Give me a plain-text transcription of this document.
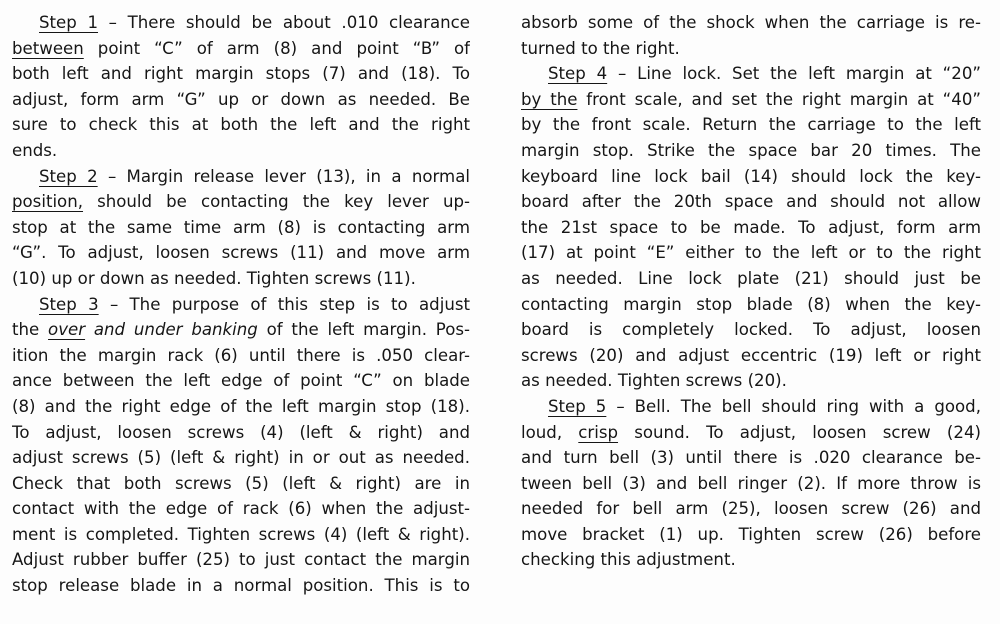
Step 1 – There should be about .010 clearance
between point “C” of arm (8) and point “B” of
both left and right margin stops (7) and (18). To
adjust, form arm “G” up or down as needed. Be
sure to check this at both the left and the right
ends.
Step 2 – Margin release lever (13), in a normal
position, should be contacting the key lever up-
stop at the same time arm (8) is contacting arm
“G”. To adjust, loosen screws (11) and move arm
(10) up or down as needed. Tighten screws (11).
Step 3 – The purpose of this step is to adjust
the over and under banking of the left margin. Pos-
ition the margin rack (6) until there is .050 clear-
ance between the left edge of point “C” on blade
(8) and the right edge of the left margin stop (18).
To adjust, loosen screws (4) (left & right) and
adjust screws (5) (left & right) in or out as needed.
Check that both screws (5) (left & right) are in
contact with the edge of rack (6) when the adjust-
ment is completed. Tighten screws (4) (left & right).
Adjust rubber buffer (25) to just contact the margin
stop release blade in a normal position. This is to
absorb some of the shock when the carriage is re-
turned to the right.
Step 4 – Line lock. Set the left margin at “20”
by the front scale, and set the right margin at “40”
by the front scale. Return the carriage to the left
margin stop. Strike the space bar 20 times. The
keyboard line lock bail (14) should lock the key-
board after the 20th space and should not allow
the 21st space to be made. To adjust, form arm
(17) at point “E” either to the left or to the right
as needed. Line lock plate (21) should just be
contacting margin stop blade (8) when the key-
board is completely locked. To adjust, loosen
screws (20) and adjust eccentric (19) left or right
as needed. Tighten screws (20).
Step 5 – Bell. The bell should ring with a good,
loud, crisp sound. To adjust, loosen screw (24)
and turn bell (3) until there is .020 clearance be-
tween bell (3) and bell ringer (2). If more throw is
needed for bell arm (25), loosen screw (26) and
move bracket (1) up. Tighten screw (26) before
checking this adjustment.
